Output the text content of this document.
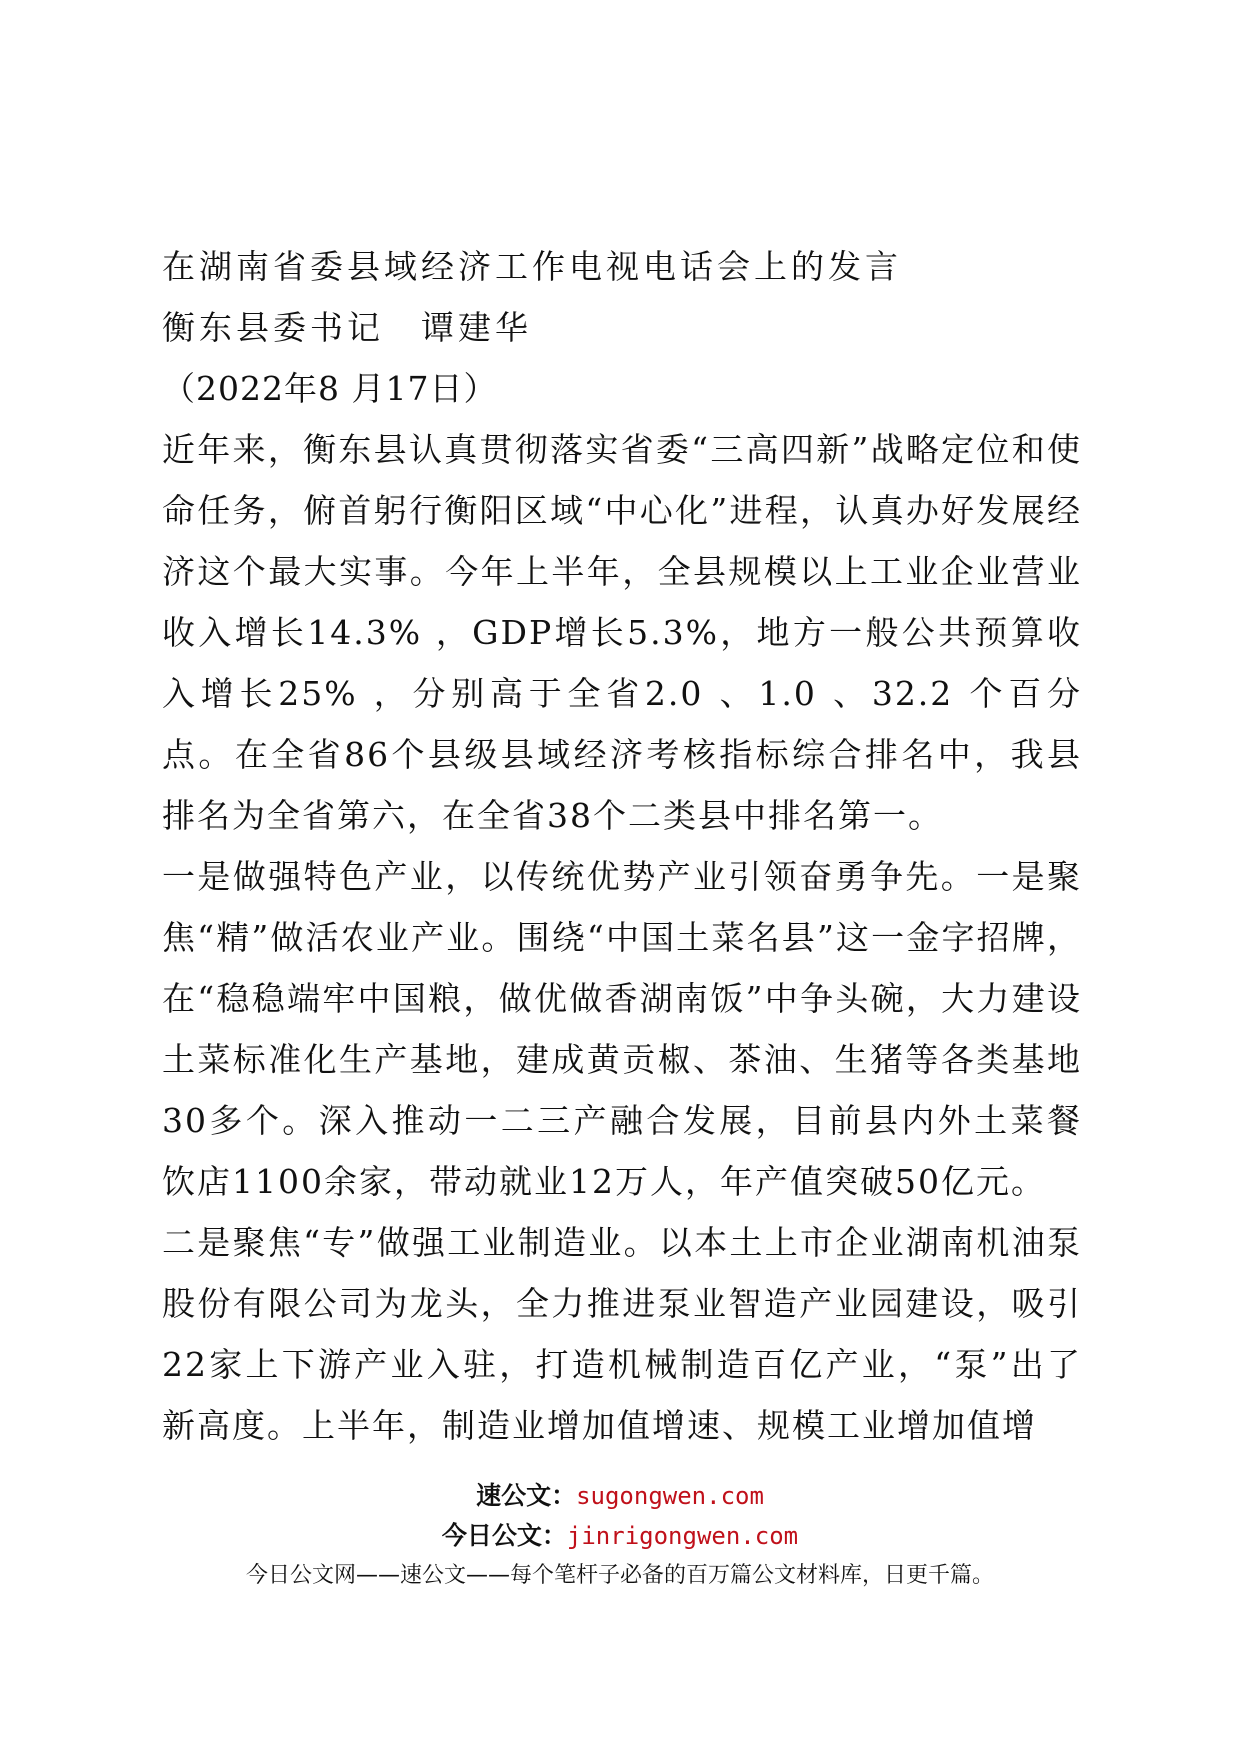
在湖南省委县域经济工作电视电话会上的发言
衡东县委书记　谭建华
（2022年8 月17日）
近年来，衡东县认真贯彻落实省委“三高四新”战略定位和使命任务，俯首躬行衡阳区域“中心化”进程，认真办好发展经济这个最大实事。今年上半年，全县规模以上工业企业营业收入增长14.3% ，GDP增长5.3%，地方一般公共预算收入增长25% ，分别高于全省2.0 、1.0 、32.2 个百分点。在全省86个县级县域经济考核指标综合排名中，我县排名为全省第六，在全省38个二类县中排名第一。
一是做强特色产业，以传统优势产业引领奋勇争先。一是聚焦“精”做活农业产业。围绕“中国土菜名县”这一金字招牌，在“稳稳端牢中国粮，做优做香湖南饭”中争头碗，大力建设土菜标准化生产基地，建成黄贡椒、茶油、生猪等各类基地30多个。深入推动一二三产融合发展，目前县内外土菜餐饮店1100余家，带动就业12万人，年产值突破50亿元。
二是聚焦“专”做强工业制造业。以本土上市企业湖南机油泵股份有限公司为龙头，全力推进泵业智造产业园建设，吸引22家上下游产业入驻，打造机械制造百亿产业，“泵”出了新高度。上半年，制造业增加值增速、规模工业增加值增
速公文：sugongwen.com
今日公文：jinrigongwen.com
今日公文网——速公文——每个笔杆子必备的百万篇公文材料库，日更千篇。
